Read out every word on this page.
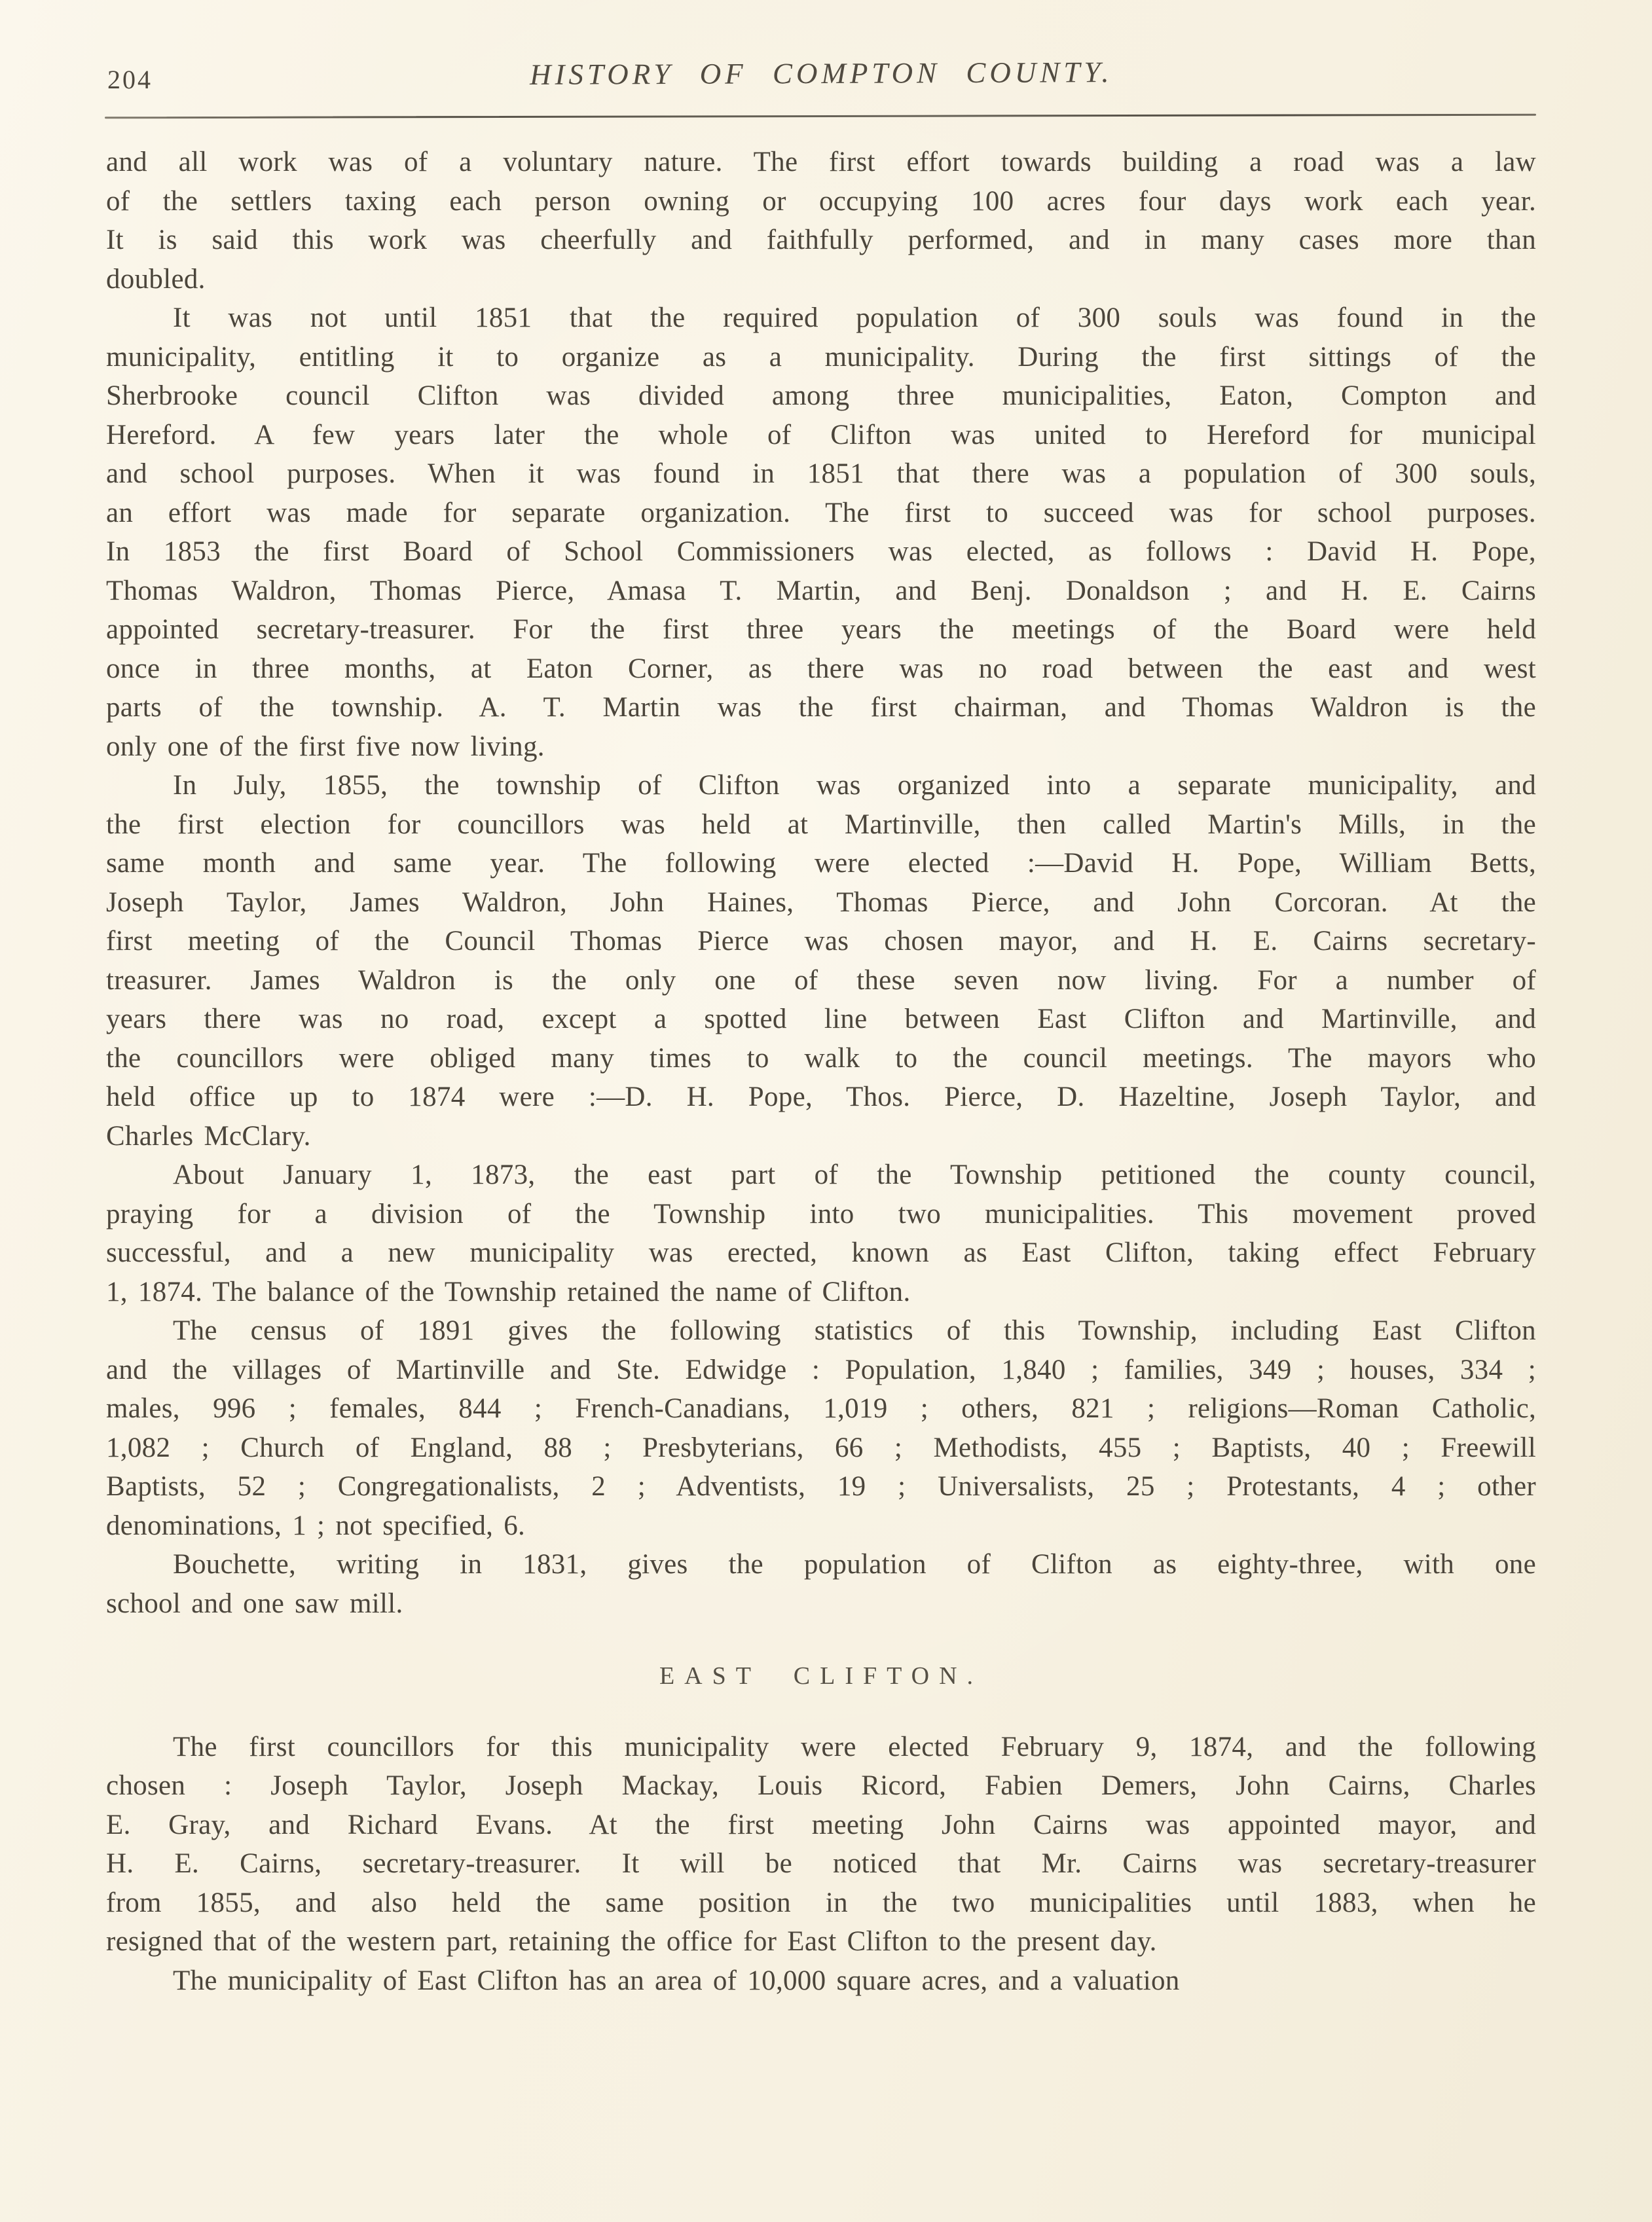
204	HISTORY OF COMPTON COUNTY.
and all work was of a voluntary nature. The first effort towards building a road was a law
of the settlers taxing each person owning or occupying 100 acres four days work each year.
It is said this work was cheerfully and faithfully performed, and in many cases more than
doubled.
It was not until 1851 that the required population of 300 souls was found in the
municipality, entitling it to organize as a municipality. During the first sittings of the
Sherbrooke council Clifton was divided among three municipalities, Eaton, Compton and
Hereford. A few years later the whole of Clifton was united to Hereford for municipal
and school purposes. When it was found in 1851 that there was a population of 300 souls,
an effort was made for separate organization. The first to succeed was for school purposes.
In 1853 the first Board of School Commissioners was elected, as follows : David H. Pope,
Thomas Waldron, Thomas Pierce, Amasa T. Martin, and Benj. Donaldson ; and H. E. Cairns
appointed secretary-treasurer. For the first three years the meetings of the Board were held
once in three months, at Eaton Corner, as there was no road between the east and west
parts of the township. A. T. Martin was the first chairman, and Thomas Waldron is the
only one of the first five now living.
In July, 1855, the township of Clifton was organized into a separate municipality, and
the first election for councillors was held at Martinville, then called Martin's Mills, in the
same month and same year. The following were elected :—David H. Pope, William Betts,
Joseph Taylor, James Waldron, John Haines, Thomas Pierce, and John Corcoran. At the
first meeting of the Council Thomas Pierce was chosen mayor, and H. E. Cairns secretary-
treasurer. James Waldron is the only one of these seven now living. For a number of
years there was no road, except a spotted line between East Clifton and Martinville, and
the councillors were obliged many times to walk to the council meetings. The mayors who
held office up to 1874 were :—D. H. Pope, Thos. Pierce, D. Hazeltine, Joseph Taylor, and
Charles McClary.
About January 1, 1873, the east part of the Township petitioned the county council,
praying for a division of the Township into two municipalities. This movement proved
successful, and a new municipality was erected, known as East Clifton, taking effect February
1, 1874. The balance of the Township retained the name of Clifton.
The census of 1891 gives the following statistics of this Township, including East Clifton
and the villages of Martinville and Ste. Edwidge : Population, 1,840 ; families, 349 ; houses, 334 ;
males, 996 ; females, 844 ; French-Canadians, 1,019 ; others, 821 ; religions—Roman Catholic,
1,082 ; Church of England, 88 ; Presbyterians, 66 ; Methodists, 455 ; Baptists, 40 ; Freewill
Baptists, 52 ; Congregationalists, 2 ; Adventists, 19 ; Universalists, 25 ; Protestants, 4 ; other
denominations, 1 ; not specified, 6.
Bouchette, writing in 1831, gives the population of Clifton as eighty-three, with one
school and one saw mill.
EAST CLIFTON.
The first councillors for this municipality were elected February 9, 1874, and the following
chosen : Joseph Taylor, Joseph Mackay, Louis Ricord, Fabien Demers, John Cairns, Charles
E. Gray, and Richard Evans. At the first meeting John Cairns was appointed mayor, and
H. E. Cairns, secretary-treasurer. It will be noticed that Mr. Cairns was secretary-treasurer
from 1855, and also held the same position in the two municipalities until 1883, when he
resigned that of the western part, retaining the office for East Clifton to the present day.
The municipality of East Clifton has an area of 10,000 square acres, and a valuation
